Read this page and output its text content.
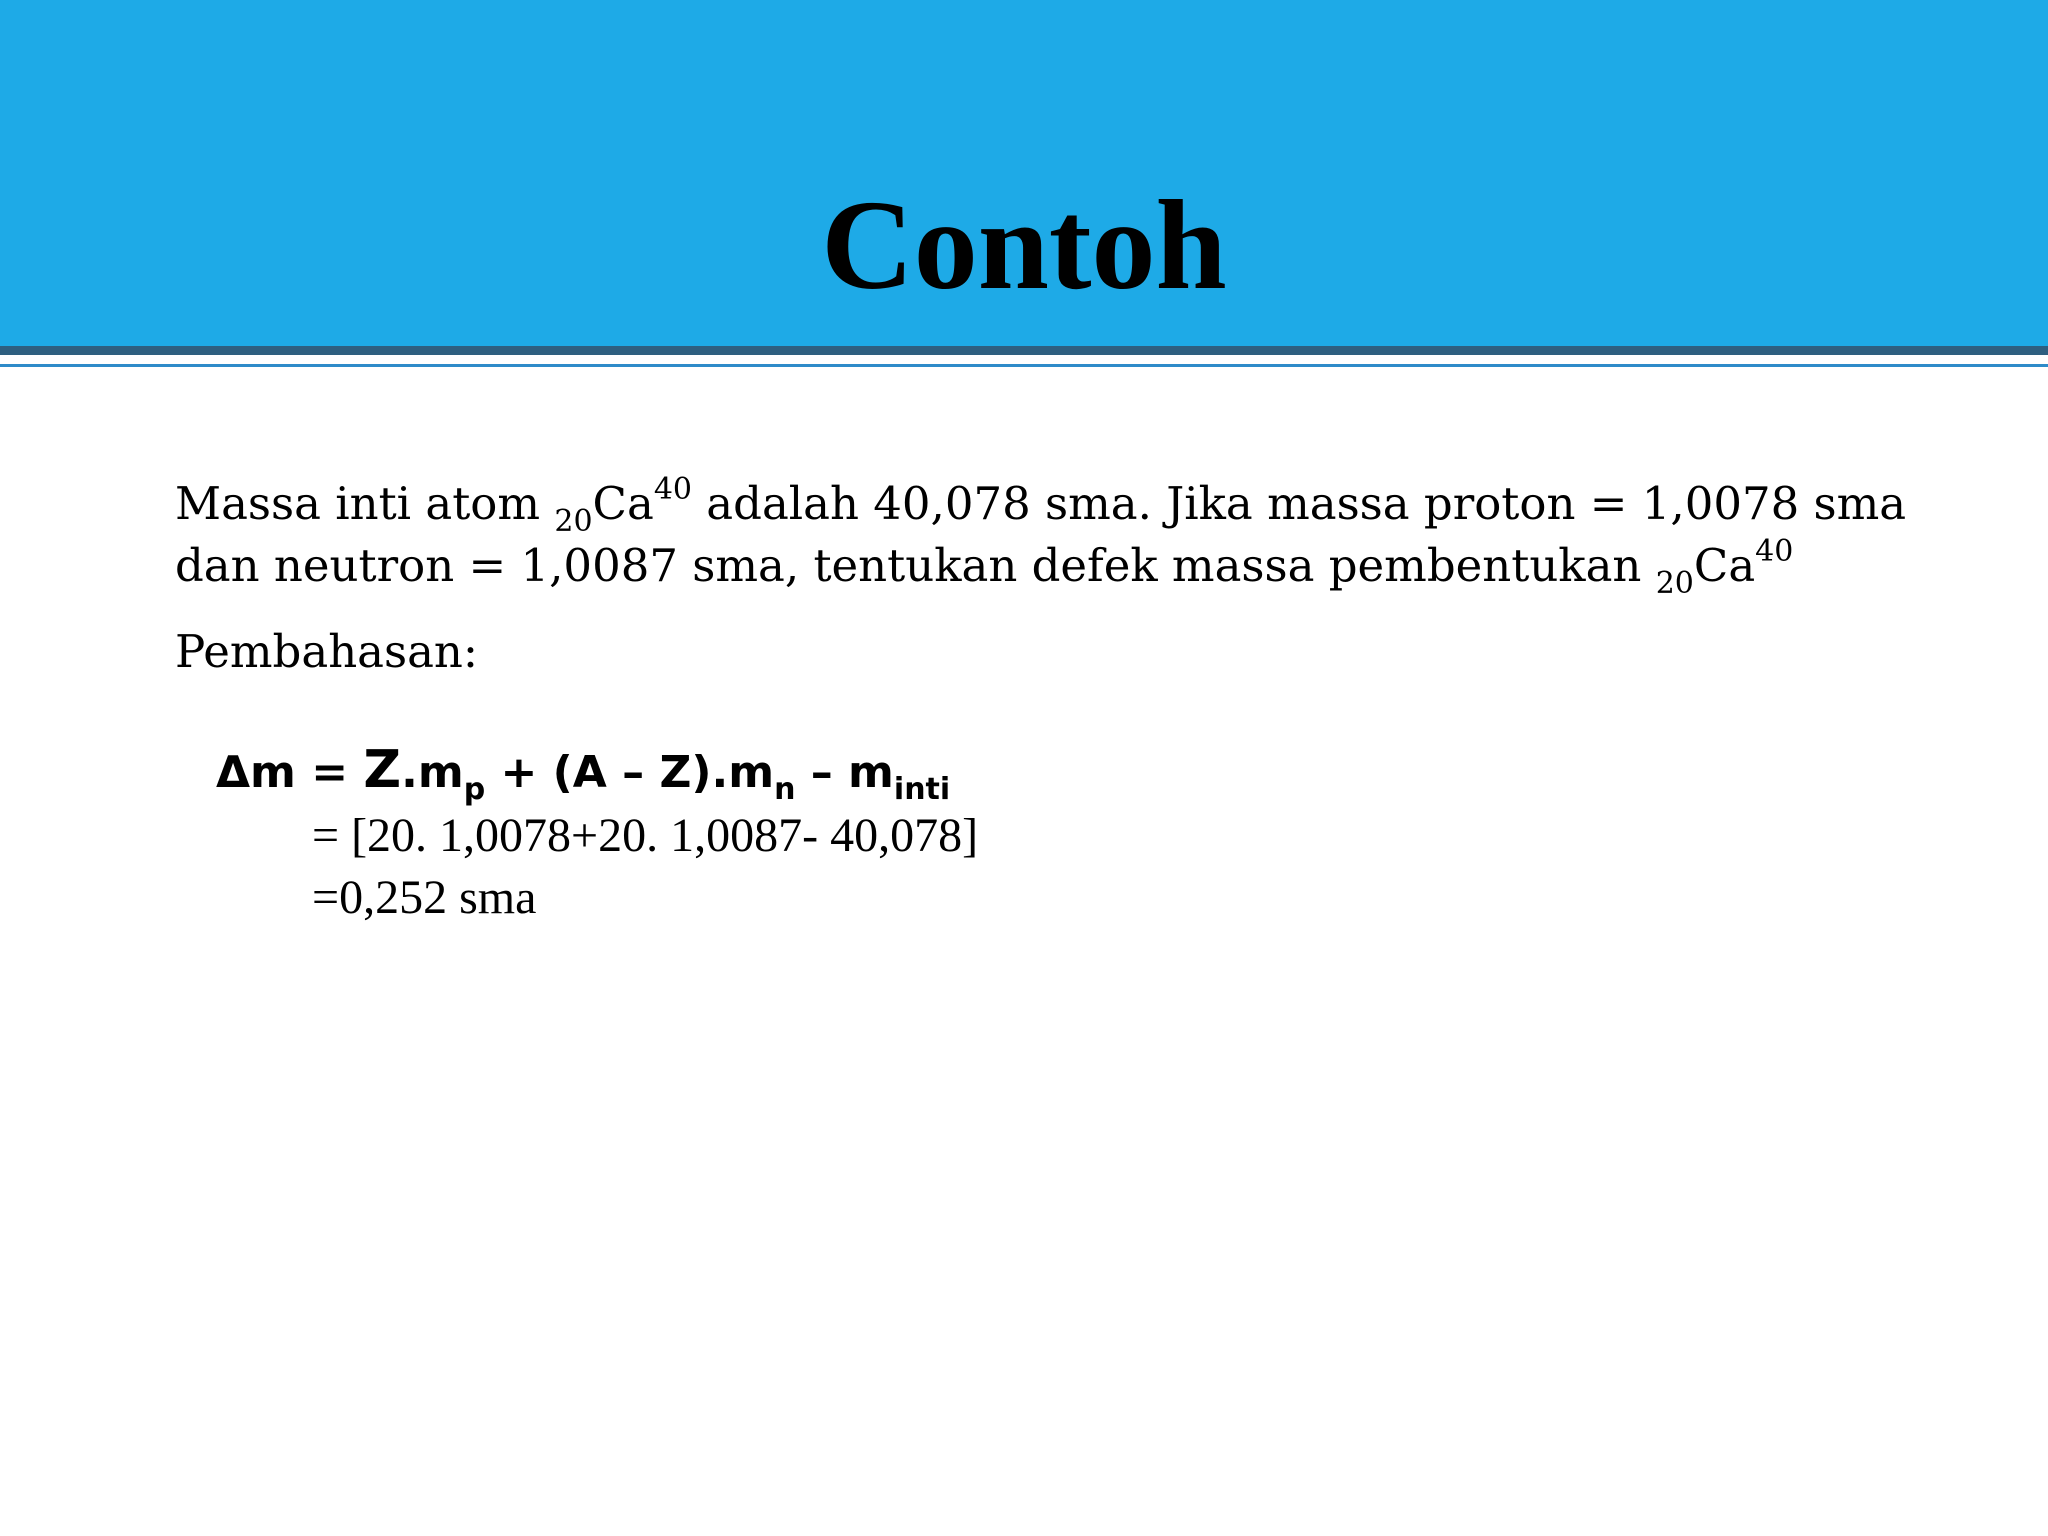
Contoh
Massa inti atom $_{20}Ca^{40}$ adalah 40,078 sma. Jika massa proton = 1,0078 sma
dan neutron = 1,0087 sma, tentukan defek massa pembentukan $_{20}Ca^{40}$
Pembahasan:
$\Delta m = Z.m_p + (A - Z).m_n - m_{inti}$
= [20. 1,0078+20. 1,0087- 40,078]
=0,252 sma
